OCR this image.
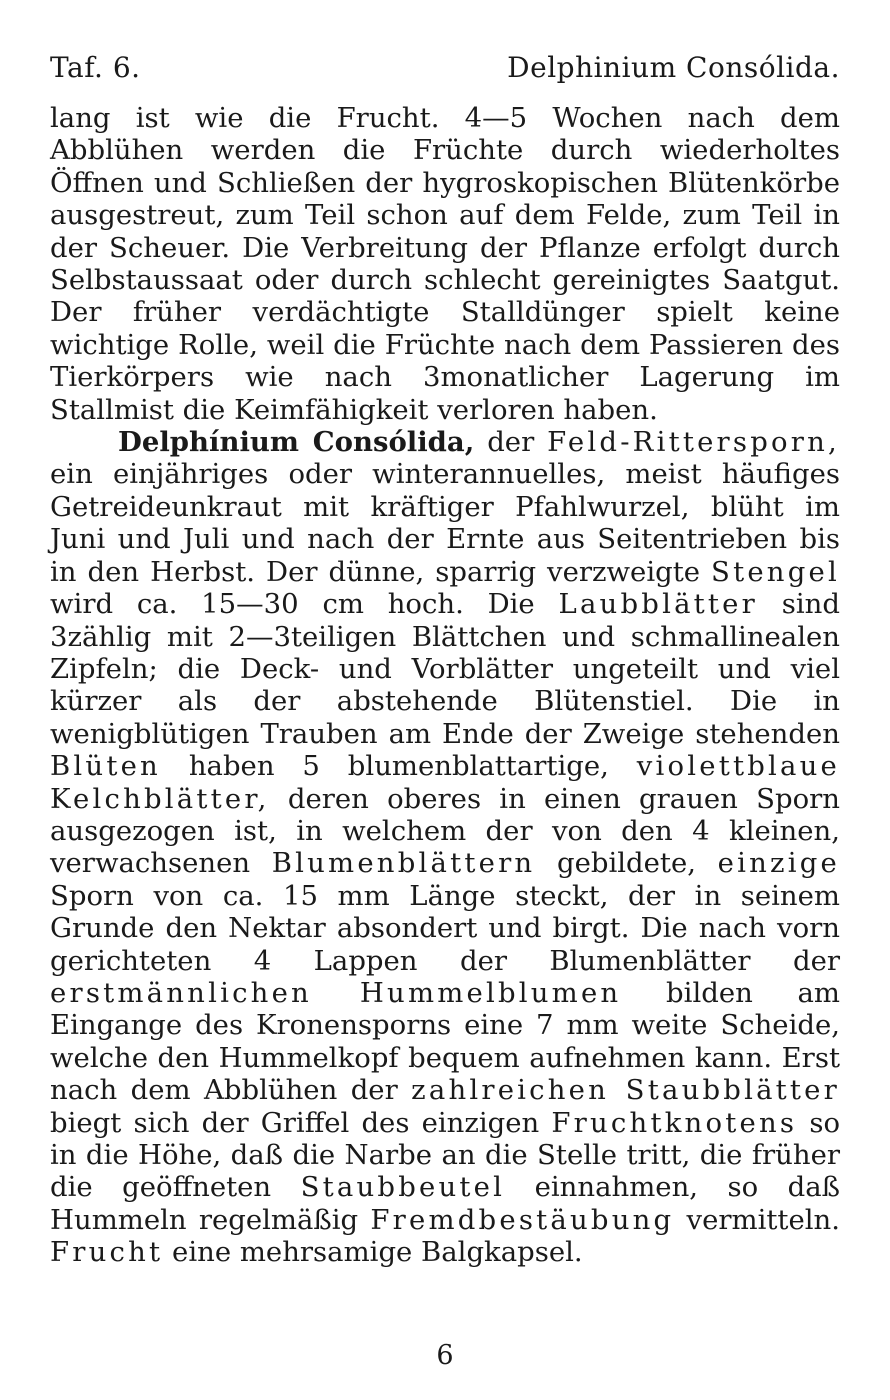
Taf. 6.	Delphinium Consólida.

lang ist wie die Frucht. 4—5 Wochen nach dem Abblühen werden die Früchte durch wiederholtes Öffnen und Schließen der hygroskopischen Blütenkörbe ausgestreut, zum Teil schon auf dem Felde, zum Teil in der Scheuer. Die Verbreitung der Pflanze erfolgt durch Selbstaussaat oder durch schlecht gereinigtes Saatgut. Der früher verdächtigte Stalldünger spielt keine wichtige Rolle, weil die Früchte nach dem Passieren des Tierkörpers wie nach 3monatlicher Lagerung im Stallmist die Keimfähigkeit verloren haben.

Delphínium Consólida, der Feld-Rittersporn, ein einjähriges oder winterannuelles, meist häufiges Getreideunkraut mit kräftiger Pfahlwurzel, blüht im Juni und Juli und nach der Ernte aus Seitentrieben bis in den Herbst. Der dünne, sparrig verzweigte Stengel wird ca. 15—30 cm hoch. Die Laubblätter sind 3zählig mit 2—3teiligen Blättchen und schmallinealen Zipfeln; die Deck- und Vorblätter ungeteilt und viel kürzer als der abstehende Blütenstiel. Die in wenigblütigen Trauben am Ende der Zweige stehenden Blüten haben 5 blumenblattartige, violettblaue Kelchblätter, deren oberes in einen grauen Sporn ausgezogen ist, in welchem der von den 4 kleinen, verwachsenen Blumenblättern gebildete, einzige Sporn von ca. 15 mm Länge steckt, der in seinem Grunde den Nektar absondert und birgt. Die nach vorn gerichteten 4 Lappen der Blumenblätter der erstmännlichen Hummelblumen bilden am Eingange des Kronensporns eine 7 mm weite Scheide, welche den Hummelkopf bequem aufnehmen kann. Erst nach dem Abblühen der zahlreichen Staubblätter biegt sich der Griffel des einzigen Fruchtknotens so in die Höhe, daß die Narbe an die Stelle tritt, die früher die geöffneten Staubbeutel einnahmen, so daß Hummeln regelmäßig Fremdbestäubung vermitteln. Frucht eine mehrsamige Balgkapsel.

6
